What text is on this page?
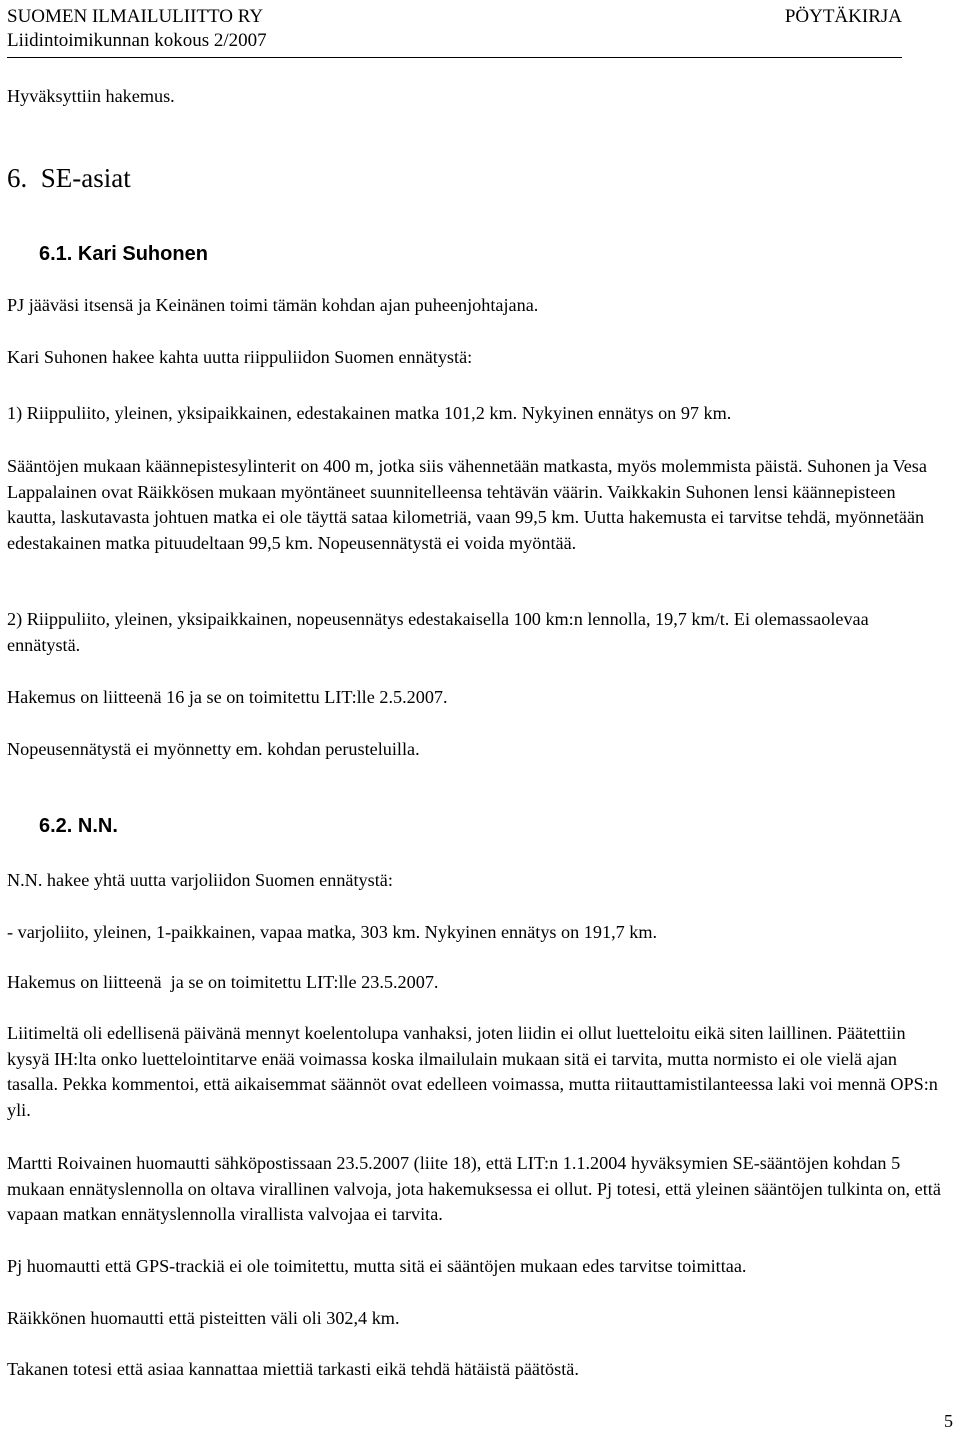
SUOMEN ILMAILULIITTO RY	PÖYTÄKIRJA
Liidintoimikunnan kokous 2/2007

Hyväksyttiin hakemus.

6.  SE-asiat
6.1. Kari Suhonen

PJ jääväsi itsensä ja Keinänen toimi tämän kohdan ajan puheenjohtajana.

Kari Suhonen hakee kahta uutta riippuliidon Suomen ennätystä:

1) Riippuliito, yleinen, yksipaikkainen, edestakainen matka 101,2 km. Nykyinen ennätys on 97 km.

Sääntöjen mukaan käännepistesylinterit on 400 m, jotka siis vähennetään matkasta, myös molemmista päistä. Suhonen ja Vesa Lappalainen ovat Räikkösen mukaan myöntäneet suunnitelleensa tehtävän väärin. Vaikkakin Suhonen lensi käännepisteen kautta, laskutavasta johtuen matka ei ole täyttä sataa kilometriä, vaan 99,5 km. Uutta hakemusta ei tarvitse tehdä, myönnetään edestakainen matka pituudeltaan 99,5 km. Nopeusennätystä ei voida myöntää.

2) Riippuliito, yleinen, yksipaikkainen, nopeusennätys edestakaisella 100 km:n lennolla, 19,7 km/t. Ei olemassaolevaa ennätystä.

Hakemus on liitteenä 16 ja se on toimitettu LIT:lle 2.5.2007.

Nopeusennätystä ei myönnetty em. kohdan perusteluilla.

6.2. N.N.

N.N. hakee yhtä uutta varjoliidon Suomen ennätystä:

- varjoliito, yleinen, 1-paikkainen, vapaa matka, 303 km. Nykyinen ennätys on 191,7 km.

Hakemus on liitteenä  ja se on toimitettu LIT:lle 23.5.2007.

Liitimeltä oli edellisenä päivänä mennyt koelentolupa vanhaksi, joten liidin ei ollut luetteloitu eikä siten laillinen. Päätettiin kysyä IH:lta onko luettelointitarve enää voimassa koska ilmailulain mukaan sitä ei tarvita, mutta normisto ei ole vielä ajan tasalla. Pekka kommentoi, että aikaisemmat säännöt ovat edelleen voimassa, mutta riitauttamistilanteessa laki voi mennä OPS:n yli.

Martti Roivainen huomautti sähköpostissaan 23.5.2007 (liite 18), että LIT:n 1.1.2004 hyväksymien SE-sääntöjen kohdan 5 mukaan ennätyslennolla on oltava virallinen valvoja, jota hakemuksessa ei ollut. Pj totesi, että yleinen sääntöjen tulkinta on, että vapaan matkan ennätyslennolla virallista valvojaa ei tarvita.

Pj huomautti että GPS-trackiä ei ole toimitettu, mutta sitä ei sääntöjen mukaan edes tarvitse toimittaa.

Räikkönen huomautti että pisteitten väli oli 302,4 km.

Takanen totesi että asiaa kannattaa miettiä tarkasti eikä tehdä hätäistä päätöstä.

5
